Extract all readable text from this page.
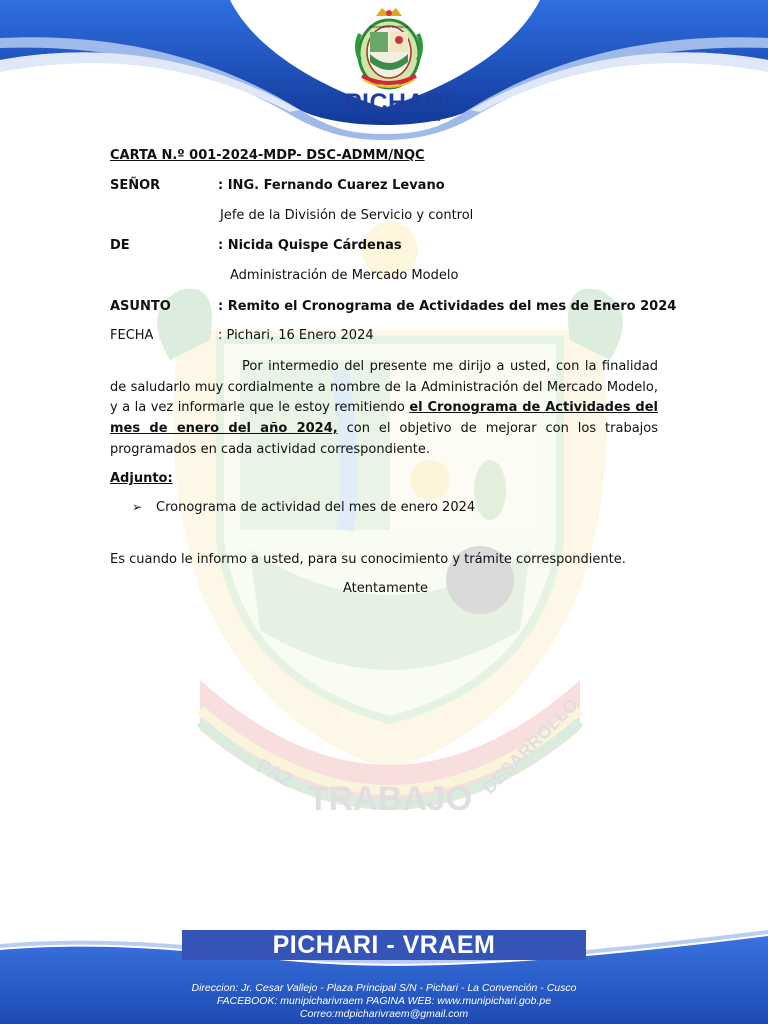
Municipalidad Distrital de
PICHARI
Gestión 2023 - 2026
PAZ
TRABAJO
DESARROLLO
CARTA N.º 001-2024-MDP- DSC-ADMM/NQC
SEÑOR	: ING. Fernando Cuarez Levano
Jefe de la División de Servicio y control
DE	: Nicida Quispe Cárdenas
Administración de Mercado Modelo
ASUNTO	: Remito el Cronograma de Actividades del mes de Enero 2024
FECHA	: Pichari, 16 Enero 2024
Por intermedio del presente me dirijo a usted, con la finalidad de saludarlo muy cordialmente a nombre de la Administración del Mercado Modelo, y a la vez informarle que le estoy remitiendo el Cronograma de Actividades del mes de enero del año 2024, con el objetivo de mejorar con los trabajos programados en cada actividad correspondiente.
Adjunto:
➢ Cronograma de actividad del mes de enero 2024
Es cuando le informo a usted, para su conocimiento y trámite correspondiente.
Atentamente
PICHARI - VRAEM
Direccion: Jr. Cesar Vallejo - Plaza Principal S/N - Pichari - La Convención - Cusco
FACEBOOK: munipicharivraem PAGINA WEB: www.munipichari.gob.pe
Correo:mdpicharivraem@gmail.com
